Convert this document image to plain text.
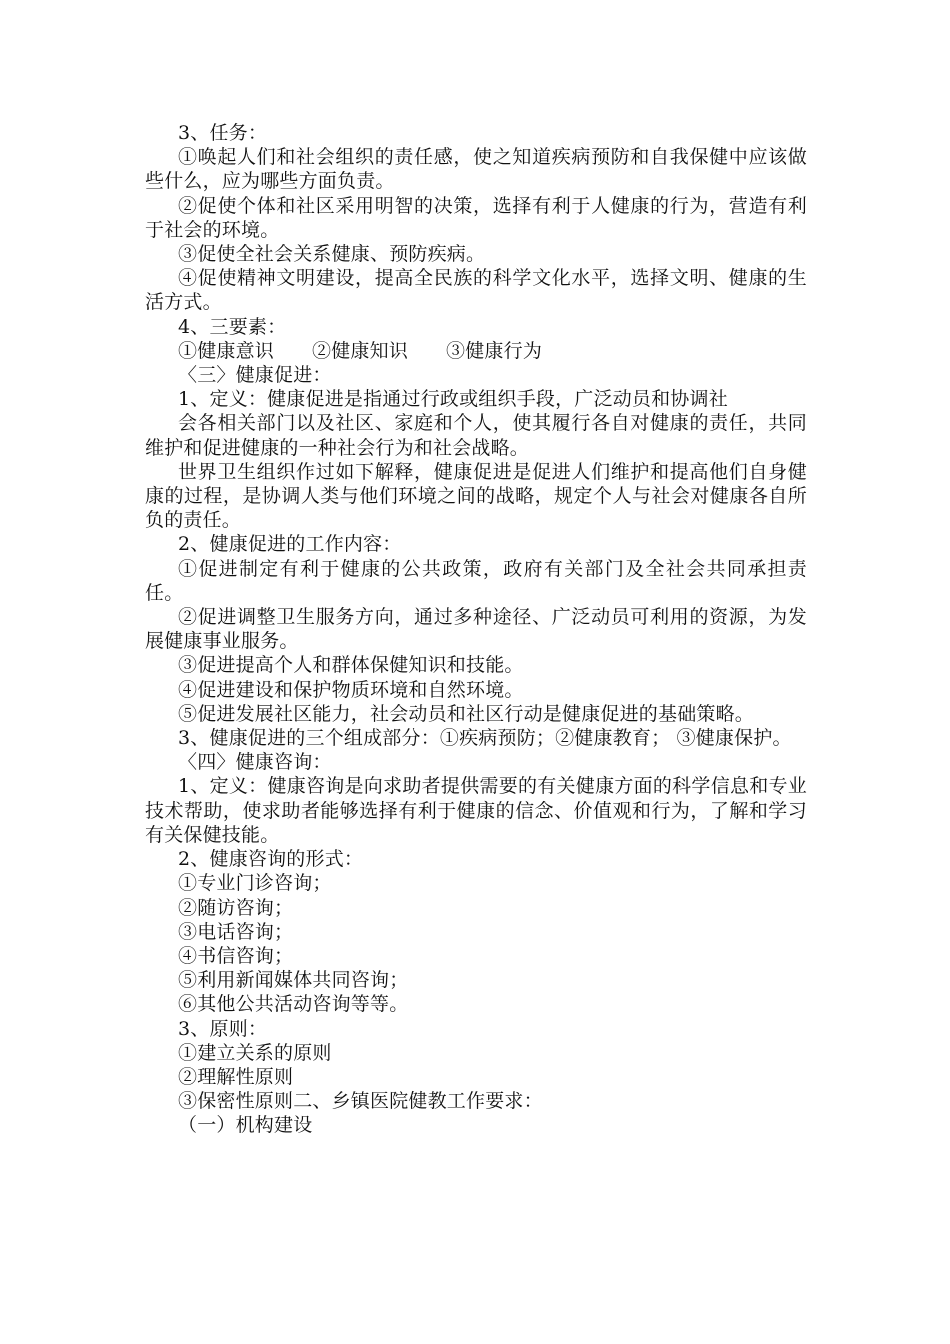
3、任务：

①唤起人们和社会组织的责任感，使之知道疾病预防和自我保健中应该做些什么，应为哪些方面负责。

②促使个体和社区采用明智的决策，选择有利于人健康的行为，营造有利于社会的环境。

③促使全社会关系健康、预防疾病。

④促使精神文明建设，提高全民族的科学文化水平，选择文明、健康的生活方式。

4、三要素：

①健康意识 ②健康知识 ③健康行为

〈三〉健康促进：

1、定义：健康促进是指通过行政或组织手段，广泛动员和协调社

会各相关部门以及社区、家庭和个人，使其履行各自对健康的责任，共同维护和促进健康的一种社会行为和社会战略。

世界卫生组织作过如下解释，健康促进是促进人们维护和提高他们自身健康的过程，是协调人类与他们环境之间的战略，规定个人与社会对健康各自所负的责任。

2、健康促进的工作内容：

①促进制定有利于健康的公共政策，政府有关部门及全社会共同承担责任。

②促进调整卫生服务方向，通过多种途径、广泛动员可利用的资源，为发展健康事业服务。

③促进提高个人和群体保健知识和技能。

④促进建设和保护物质环境和自然环境。

⑤促进发展社区能力，社会动员和社区行动是健康促进的基础策略。

3、健康促进的三个组成部分：①疾病预防；②健康教育； ③健康保护。

〈四〉健康咨询：

1、定义：健康咨询是向求助者提供需要的有关健康方面的科学信息和专业技术帮助，使求助者能够选择有利于健康的信念、价值观和行为，了解和学习有关保健技能。

2、健康咨询的形式：

①专业门诊咨询；

②随访咨询；

③电话咨询；

④书信咨询；

⑤利用新闻媒体共同咨询；

⑥其他公共活动咨询等等。

3、原则：

①建立关系的原则

②理解性原则

③保密性原则二、乡镇医院健教工作要求：

（一）机构建设
